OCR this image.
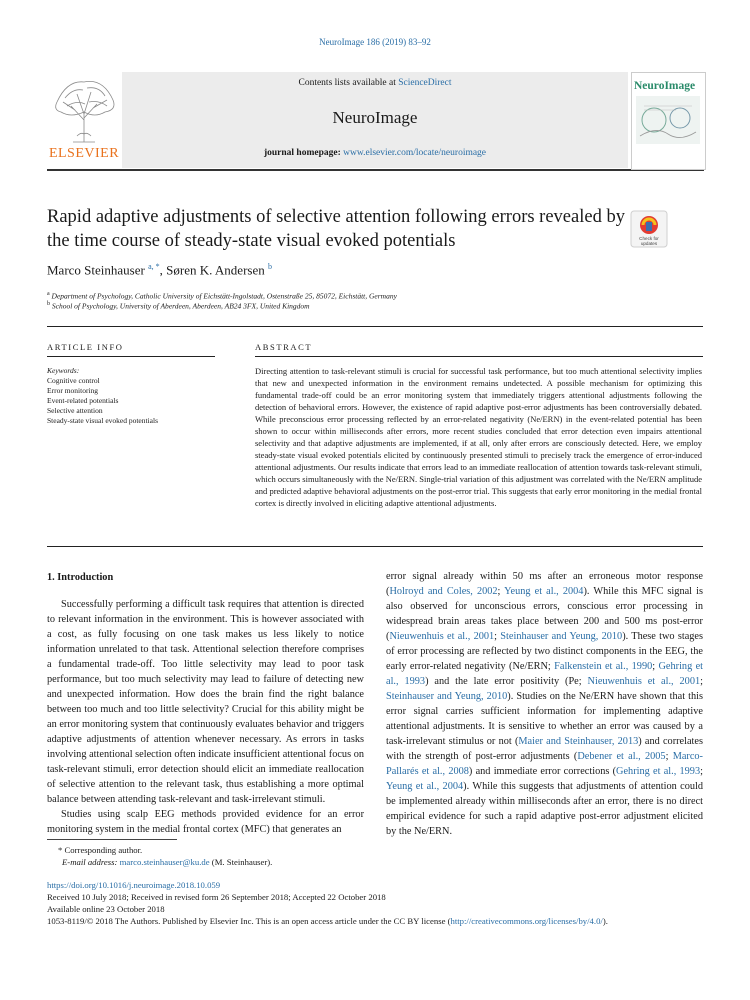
NeuroImage 186 (2019) 83–92
ELSEVIER
Contents lists available at ScienceDirect
NeuroImage
journal homepage: www.elsevier.com/locate/neuroimage
NeuroImage
Rapid adaptive adjustments of selective attention following errors revealed by the time course of steady-state visual evoked potentials	Check for
updates
Marco Steinhauser $^{a, *}$, Søren K. Andersen $^b$
$^a$ Department of Psychology, Catholic University of Eichstätt-Ingolstadt, Ostenstraße 25, 85072, Eichstätt, Germany
$^b$ School of Psychology, University of Aberdeen, Aberdeen, AB24 3FX, United Kingdom
ARTICLE INFO
Keywords:
Cognitive control
Error monitoring
Event-related potentials
Selective attention
Steady-state visual evoked potentials
ABSTRACT
Directing attention to task-relevant stimuli is crucial for successful task performance, but too much attentional selectivity implies that new and unexpected information in the environment remains undetected. A possible mechanism for optimizing this fundamental trade-off could be an error monitoring system that immediately triggers attentional adjustments following the detection of behavioral errors. However, the existence of rapid adaptive post-error adjustments has been controversially debated. While preconscious error processing reflected by an error-related negativity (Ne/ERN) in the event-related potential has been shown to occur within milliseconds after errors, more recent studies concluded that error detection even impairs attentional selectivity and that adaptive adjustments are implemented, if at all, only after errors are consciously detected. Here, we employ steady-state visual evoked potentials elicited by continuously presented stimuli to precisely track the emergence of error-induced attentional adjustments. Our results indicate that errors lead to an immediate reallocation of attention towards task-relevant stimuli, which occurs simultaneously with the Ne/ERN. Single-trial variation of this adjustment was correlated with the Ne/ERN amplitude and predicted adaptive behavioral adjustments on the post-error trial. This suggests that early error monitoring in the medial frontal cortex is directly involved in eliciting adaptive attentional adjustments.
1. Introduction

Successfully performing a difficult task requires that attention is directed to relevant information in the environment. This is however associated with a cost, as fully focusing on one task makes us less likely to notice information unrelated to that task. Attentional selection therefore comprises a fundamental trade-off. Too little selectivity may lead to poor task performance, but too much selectivity may lead to failure of detecting new and unexpected information. How does the brain find the right balance between too much and too little selectivity? Crucial for this ability might be an error monitoring system that continuously evaluates behavior and triggers adaptive adjustments of attention whenever necessary. As errors in tasks involving attentional selection often indicate insufficient attentional focus on task-relevant stimuli, error detection should elicit an immediate reallocation of selective attention to the relevant task, thus establishing a more optimal balance between attending task-relevant and task-irrelevant stimuli.

Studies using scalp EEG methods provided evidence for an error monitoring system in the medial frontal cortex (MFC) that generates an

error signal already within 50 ms after an erroneous motor response (Holroyd and Coles, 2002; Yeung et al., 2004). While this MFC signal is also observed for unconscious errors, conscious error processing in widespread brain areas takes place between 200 and 500 ms post-error (Nieuwenhuis et al., 2001; Steinhauser and Yeung, 2010). These two stages of error processing are reflected by two distinct components in the EEG, the early error-related negativity (Ne/ERN; Falkenstein et al., 1990; Gehring et al., 1993) and the late error positivity (Pe; Nieuwenhuis et al., 2001; Steinhauser and Yeung, 2010). Studies on the Ne/ERN have shown that this error signal carries sufficient information for implementing adaptive attentional adjustments. It is sensitive to whether an error was caused by a task-irrelevant stimulus or not (Maier and Steinhauser, 2013) and correlates with the strength of post-error adjustments (Debener et al., 2005; Marco-Pallarés et al., 2008) and immediate error corrections (Gehring et al., 1993; Yeung et al., 2004). While this suggests that adjustments of attention could be implemented already within milliseconds after an error, there is no direct empirical evidence for such a rapid adaptive post-error adjustment elicited by the Ne/ERN.

* Corresponding author.
E-mail address: marco.steinhauser@ku.de (M. Steinhauser).
https://doi.org/10.1016/j.neuroimage.2018.10.059
Received 10 July 2018; Received in revised form 26 September 2018; Accepted 22 October 2018
Available online 23 October 2018
1053-8119/© 2018 The Authors. Published by Elsevier Inc. This is an open access article under the CC BY license (http://creativecommons.org/licenses/by/4.0/).
